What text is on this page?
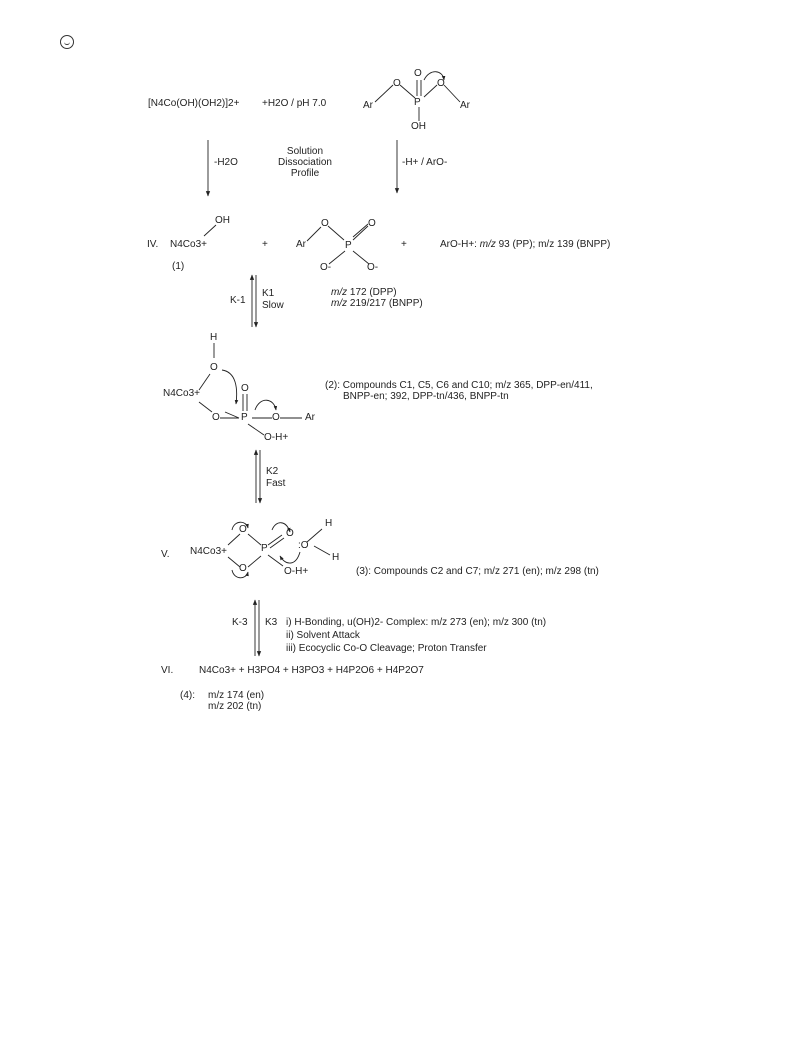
[N4Co(OH)(OH2)]2+ +H2O / pH 7.0	Ar
O
O
P
O
Ar
OH
-H2O
Solution
Dissociation
Profile
-H+ / ArO-
IV. N4Co3+
OH
(1)
+	Ar
O
P
O
O-	O-
+	ArO-H+: m/z 93 (PP); m/z 139 (BNPP)
K1
Slow
K-1
m/z 172 (DPP)
m/z 219/217 (BNPP)
H
O
N4Co3+	O
O P O	Ar
O-H+
(2): Compounds C1, C5, C6 and C10; m/z 365, DPP-en/411,
BNPP-en; 392, DPP-tn/436, BNPP-tn
K2
Fast
V. N4Co3+
O
O
P
O
:O
H
H
O-H+	(3): Compounds C2 and C7; m/z 271 (en); m/z 298 (tn)
K-3 K3 i) H-Bonding, u(OH)2- Complex: m/z 273 (en); m/z 300 (tn)
ii) Solvent Attack
iii) Ecocyclic Co-O Cleavage; Proton Transfer
VI.	N4Co3+ + H3PO4 + H3PO3 + H4P2O6 + H4P2O7
(4): m/z 174 (en)
m/z 202 (tn)
